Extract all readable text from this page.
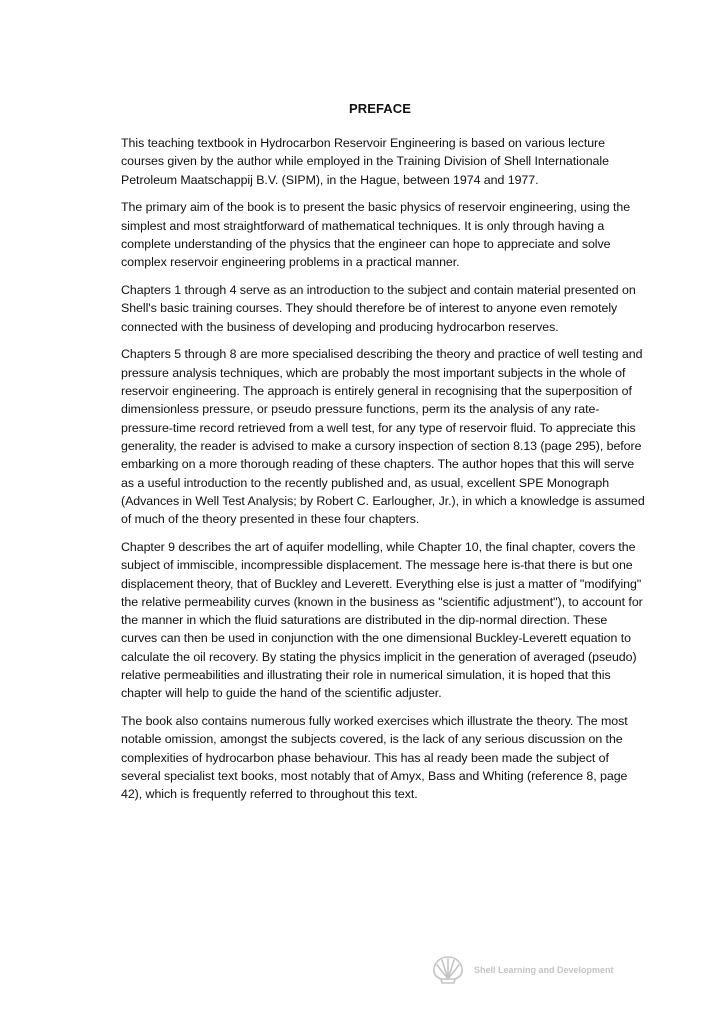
PREFACE

This teaching textbook in Hydrocarbon Reservoir Engineering is based on various lecture courses given by the author while employed in the Training Division of Shell Internationale Petroleum Maatschappij B.V. (SIPM), in the Hague, between 1974 and 1977.

The primary aim of the book is to present the basic physics of reservoir engineering, using the simplest and most straightforward of mathematical techniques. It is only through having a complete understanding of the physics that the engineer can hope to appreciate and solve complex reservoir engineering problems in a practical manner.

Chapters 1 through 4 serve as an introduction to the subject and contain material presented on Shell's basic training courses. They should therefore be of interest to anyone even remotely connected with the business of developing and producing hydrocarbon reserves.

Chapters 5 through 8 are more specialised describing the theory and practice of well testing and pressure analysis techniques, which are probably the most important subjects in the whole of reservoir engineering. The approach is entirely general in recognising that the superposition of dimensionless pressure, or pseudo pressure functions, perm its the analysis of any rate-pressure-time record retrieved from a well test, for any type of reservoir fluid. To appreciate this generality, the reader is advised to make a cursory inspection of section 8.13 (page 295), before embarking on a more thorough reading of these chapters. The author hopes that this will serve as a useful introduction to the recently published and, as usual, excellent SPE Monograph (Advances in Well Test Analysis; by Robert C. Earlougher, Jr.), in which a knowledge is assumed of much of the theory presented in these four chapters.

Chapter 9 describes the art of aquifer modelling, while Chapter 10, the final chapter, covers the subject of immiscible, incompressible displacement. The message here is-that there is but one displacement theory, that of Buckley and Leverett. Everything else is just a matter of "modifying" the relative permeability curves (known in the business as "scientific adjustment"), to account for the manner in which the fluid saturations are distributed in the dip-normal direction. These curves can then be used in conjunction with the one dimensional Buckley-Leverett equation to calculate the oil recovery. By stating the physics implicit in the generation of averaged (pseudo) relative permeabilities and illustrating their role in numerical simulation, it is hoped that this chapter will help to guide the hand of the scientific adjuster.

The book also contains numerous fully worked exercises which illustrate the theory. The most notable omission, amongst the subjects covered, is the lack of any serious discussion on the complexities of hydrocarbon phase behaviour. This has al ready been made the subject of several specialist text books, most notably that of Amyx, Bass and Whiting (reference 8, page 42), which is frequently referred to throughout this text.

Shell Learning and Development
